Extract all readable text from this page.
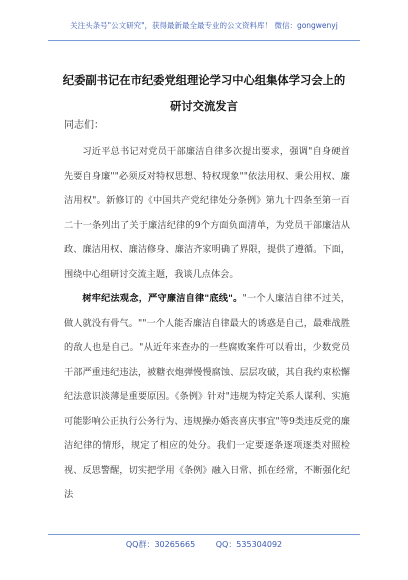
关注头条号"公文研究"，获得最新最全最专业的公文资料库！ 微信：gongwenyj
纪委副书记在市纪委党组理论学习中心组集体学习会上的
研讨交流发言
同志们：

习近平总书记对党员干部廉洁自律多次提出要求，强调"自身硬首先要自身廉""必须反对特权思想、特权现象""依法用权、秉公用权、廉洁用权"。新修订的《中国共产党纪律处分条例》第九十四条至第一百二十一条列出了关于廉洁纪律的9个方面负面清单，为党员干部廉洁从政、廉洁用权、廉洁修身、廉洁齐家明确了界限，提供了遵循。下面，围绕中心组研讨交流主题，我谈几点体会。

树牢纪法观念，严守廉洁自律"底线"。"一个人廉洁自律不过关，做人就没有骨气。""一个人能否廉洁自律最大的诱惑是自己，最难战胜的敌人也是自己。"从近年来查办的一些腐败案件可以看出，少数党员干部严重违纪违法，被糖衣炮弹慢慢腐蚀、层层攻破，其自我约束松懈纪法意识淡薄是重要原因。《条例》针对"违规为特定关系人谋利、实施可能影响公正执行公务行为、违规操办婚丧喜庆事宜"等9类违反党的廉洁纪律的情形，规定了相应的处分。我们一定要逐条逐项逐类对照检视、反思警醒，切实把学用《条例》融入日常、抓在经常，不断强化纪法

QQ群：30265665	QQ：535304092
